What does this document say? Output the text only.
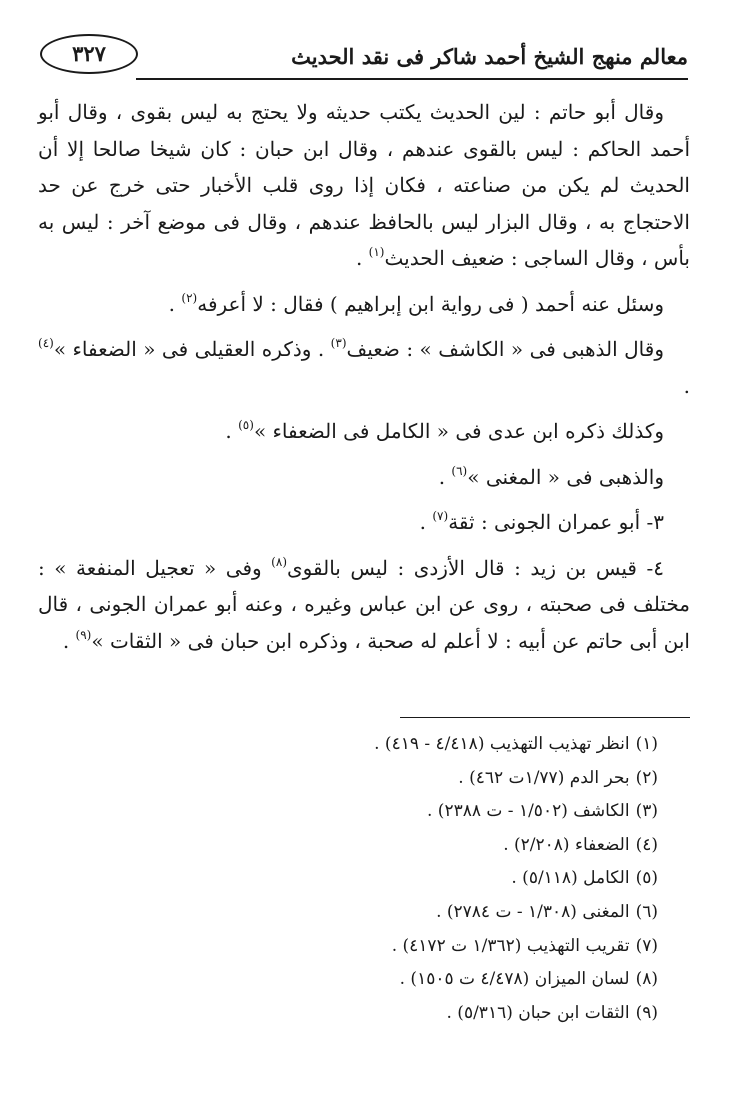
معالم منهج الشيخ أحمد شاكر فى نقد الحديث
٣٢٧

وقال أبو حاتم : لين الحديث يكتب حديثه ولا يحتج به ليس بقوى ، وقال أبو أحمد الحاكم : ليس بالقوى عندهم ، وقال ابن حبان : كان شيخا صالحا إلا أن الحديث لم يكن من صناعته ، فكان إذا روى قلب الأخبار حتى خرج عن حد الاحتجاج به ، وقال البزار ليس بالحافظ عندهم ، وقال فى موضع آخر : ليس به بأس ، وقال الساجى : ضعيف الحديث$^{(١)}$ .

وسئل عنه أحمد ( فى رواية ابن إبراهيم ) فقال : لا أعرفه$^{(٢)}$ .

وقال الذهبى فى « الكاشف » : ضعيف$^{(٣)}$ . وذكره العقيلى فى « الضعفاء »$^{(٤)}$ .

وكذلك ذكره ابن عدى فى « الكامل فى الضعفاء »$^{(٥)}$ .

والذهبى فى « المغنى »$^{(٦)}$ .

٣- أبو عمران الجونى : ثقة$^{(٧)}$ .

٤- قيس بن زيد : قال الأزدى : ليس بالقوى$^{(٨)}$ وفى « تعجيل المنفعة » : مختلف فى صحبته ، روى عن ابن عباس وغيره ، وعنه أبو عمران الجونى ، قال ابن أبى حاتم عن أبيه : لا أعلم له صحبة ، وذكره ابن حبان فى « الثقات »$^{(٩)}$ .

(١)انظر تهذيب التهذيب (٤/٤١٨ - ٤١٩) .
(٢)بحر الدم (١/٧٧ت ٤٦٢) .
(٣)الكاشف (١/٥٠٢ - ت ٢٣٨٨) .
(٤)الضعفاء (٢/٢٠٨) .
(٥)الكامل (٥/١١٨) .
(٦)المغنى (١/٣٠٨ - ت ٢٧٨٤) .
(٧)تقريب التهذيب (١/٣٦٢ ت ٤١٧٢) .
(٨)لسان الميزان (٤/٤٧٨ ت ١٥٠٥) .
(٩)الثقات ابن حبان (٥/٣١٦) .
